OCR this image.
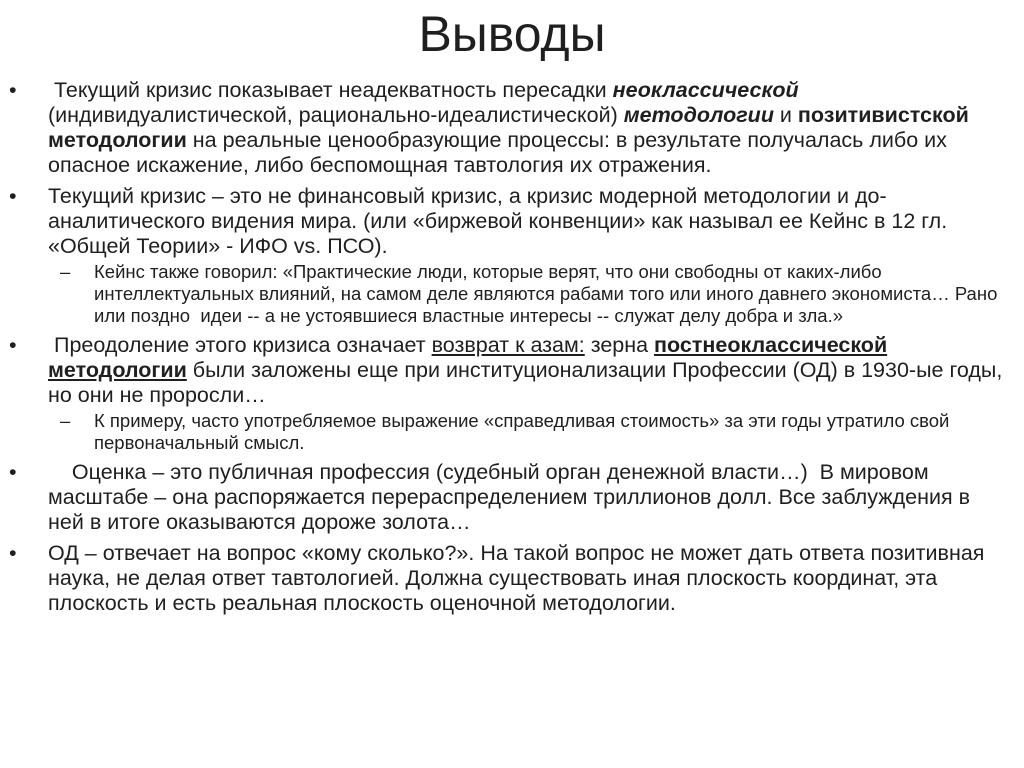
Выводы
• Текущий кризис показывает неадекватность пересадки неоклассической (индивидуалистической, рационально-идеалистической) методологии и позитивистской методологии на реальные ценообразующие процессы: в результате получалась либо их опасное искажение, либо беспомощная тавтология их отражения.
• Текущий кризис – это не финансовый кризис, а кризис модерной методологии и до-аналитического видения мира. (или «биржевой конвенции» как называл ее Кейнс в 12 гл. «Общей Теории» - ИФО vs. ПСО).
– Кейнс также говорил: «Практические люди, которые верят, что они свободны от каких-либо интеллектуальных влияний, на самом деле являются рабами того или иного давнего экономиста… Рано или поздно  идеи -- а не устоявшиеся властные интересы -- служат делу добра и зла.»
• Преодоление этого кризиса означает возврат к азам: зерна постнеоклассической методологии были заложены еще при институционализации Профессии (ОД) в 1930-ые годы, но они не проросли…
– К примеру, часто употребляемое выражение «справедливая стоимость» за эти годы утратило свой первоначальный смысл.
• Оценка – это публичная профессия (судебный орган денежной власти…)  В мировом масштабе – она распоряжается перераспределением триллионов долл. Все заблуждения в ней в итоге оказываются дороже золота…
• ОД – отвечает на вопрос «кому сколько?». На такой вопрос не может дать ответа позитивная наука, не делая ответ тавтологией. Должна существовать иная плоскость координат, эта плоскость и есть реальная плоскость оценочной методологии.
